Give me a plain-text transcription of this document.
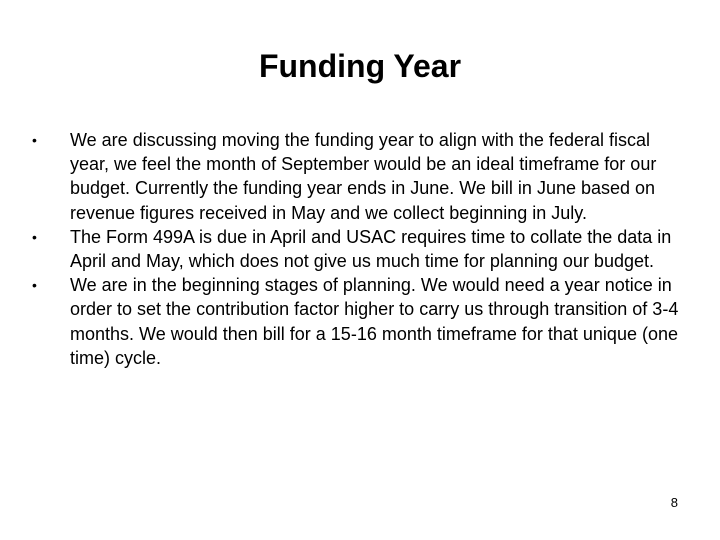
Funding Year
• We are discussing moving the funding year to align with the federal fiscal year, we feel the month of September would be an ideal timeframe for our budget. Currently the funding year ends in June. We bill in June based on revenue figures received in May and we collect beginning in July.
• The Form 499A is due in April and USAC requires time to collate the data in April and May, which does not give us much time for planning our budget.
• We are in the beginning stages of planning. We would need a year notice in order to set the contribution factor higher to carry us through transition of 3-4 months. We would then bill for a 15-16 month timeframe for that unique (one time) cycle.
8
